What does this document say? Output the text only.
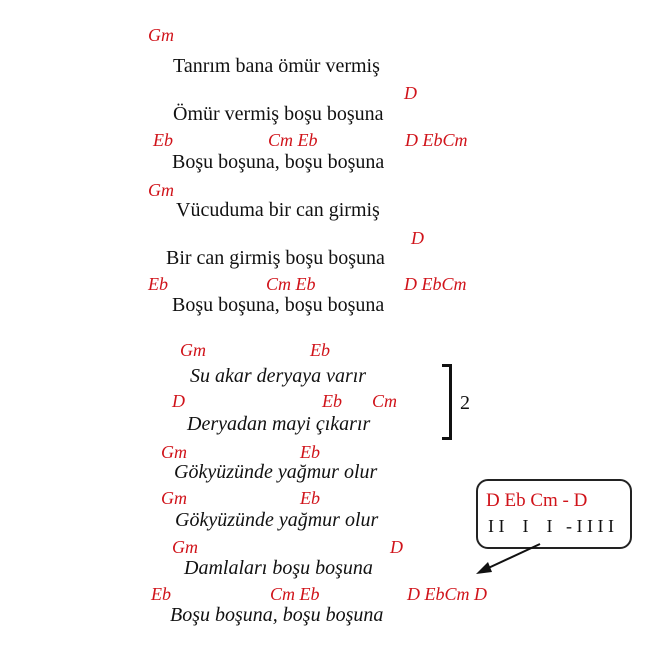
2
D Eb Cm - D
I I    I    I   - I I I I
Gm
Tanrım bana ömür vermiş
D
Ömür vermiş boşu boşuna
Eb	Cm Eb	D EbCm
Boşu boşuna, boşu boşuna
Gm
Vücuduma bir can girmiş
D
Bir can girmiş boşu boşuna
Eb	Cm Eb	D EbCm
Boşu boşuna, boşu boşuna
Gm	Eb
Su akar deryaya varır
D	Eb Cm
Deryadan mayi çıkarır
Gm	Eb
Gökyüzünde yağmur olur
Gm	Eb
Gökyüzünde yağmur olur
Gm	D
Damlaları boşu boşuna
Eb	Cm Eb	D EbCm D
Boşu boşuna, boşu boşuna
